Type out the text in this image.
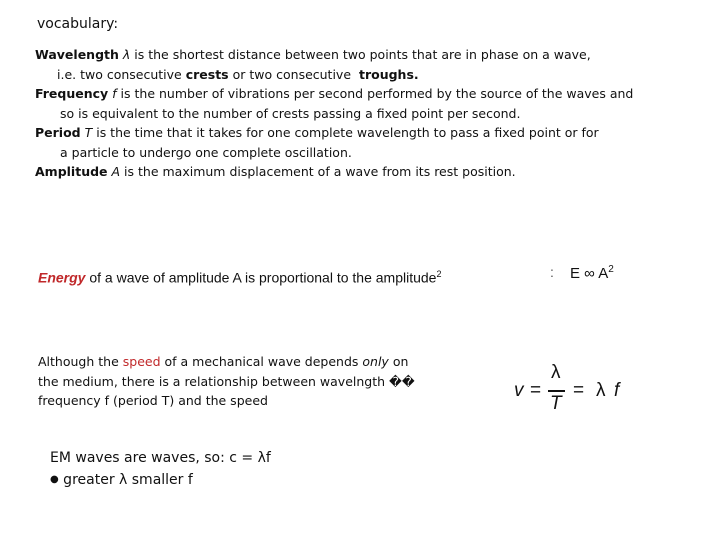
vocabulary:
Wavelength λ is the shortest distance between two points that are in phase on a wave,
i.e. two consecutive crests or two consecutive  troughs.
Frequency f is the number of vibrations per second performed by the source of the waves and
so is equivalent to the number of crests passing a fixed point per second.
Period T is the time that it takes for one complete wavelength to pass a fixed point or for
a particle to undergo one complete oscillation.
Amplitude A is the maximum displacement of a wave from its rest position.
Energy of a wave of amplitude A is proportional to the amplitude$^2$	: E ∞ $A^2$
Although the speed of a mechanical wave depends only on
the medium, there is a relationship between wavelngth ��
frequency f (period T) and the speed	v =
λ
T
= λ f
EM waves are waves, so: c = λf
● greater λ smaller f
